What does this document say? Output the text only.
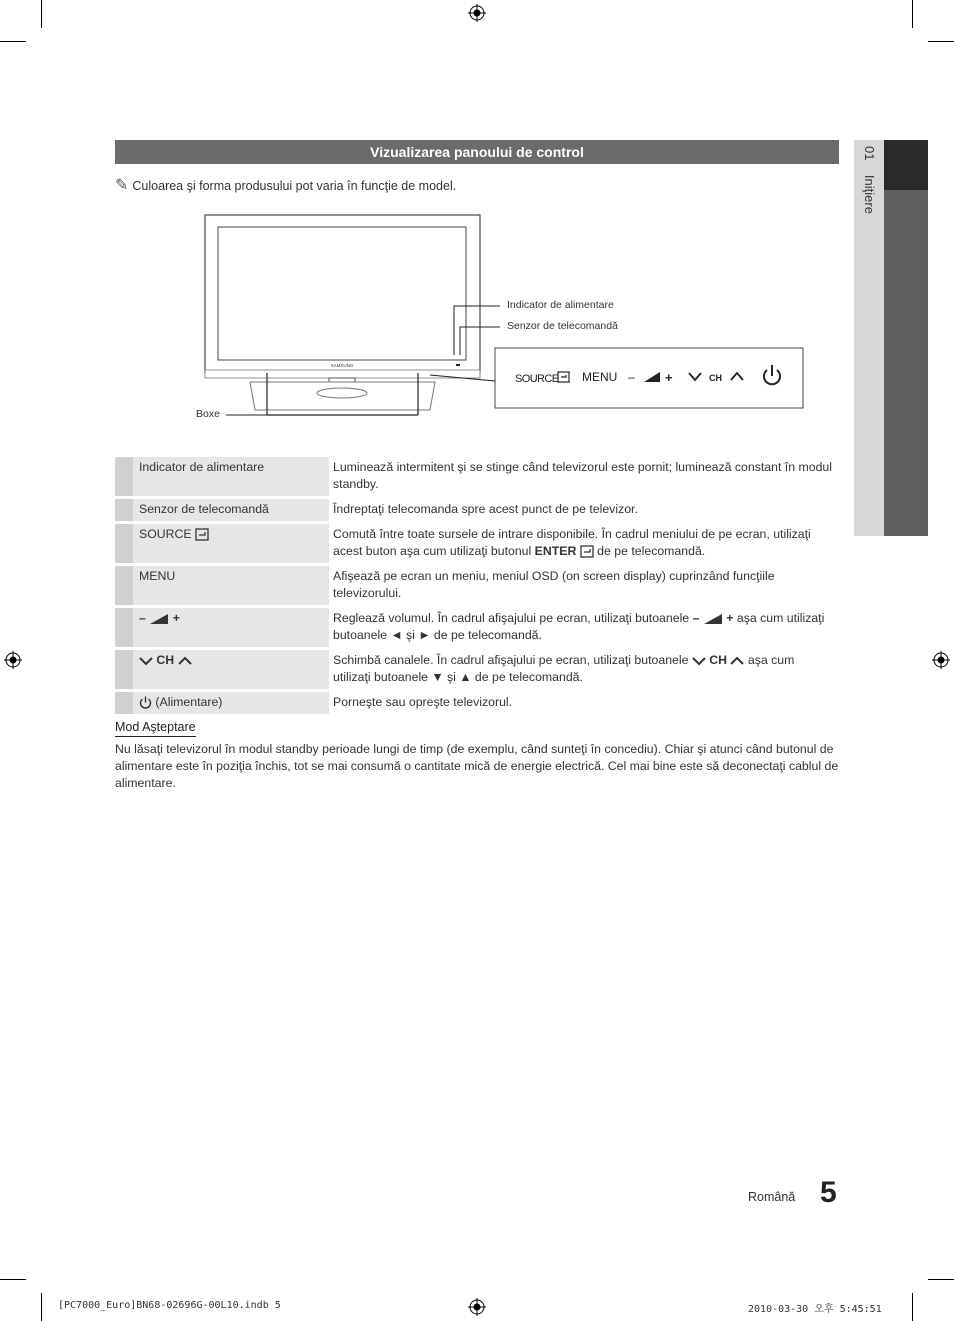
01    Iniţiere
Vizualizarea panoului de control
✎ Culoarea şi forma produsului pot varia în funcţie de model.
SAMSUNG
SOURCE MENU – +	CH
Indicator de alimentare
Senzor de telecomandă
Boxe
	Indicator de alimentare	Luminează intermitent şi se stinge când televizorul este pornit; luminează constant în modul standby.
	Senzor de telecomandă	Îndreptaţi telecomanda spre acest punct de pe televizor.
	SOURCE	Comută între toate sursele de intrare disponibile. În cadrul meniului de pe ecran, utilizaţi acest buton aşa cum utilizaţi butonul ENTER  de pe telecomandă.
	MENU	Afişează pe ecran un meniu, meniul OSD (on screen display) cuprinzând funcţiile televizorului.
	– +	Reglează volumul. În cadrul afişajului pe ecran, utilizaţi butoanele – + aşa cum utilizaţi butoanele ◄ şi ► de pe telecomandă.
	CH	Schimbă canalele. În cadrul afişajului pe ecran, utilizaţi butoanele  CH  aşa cum utilizaţi butoanele ▼ şi ▲ de pe telecomandă.
	(Alimentare)	Porneşte sau opreşte televizorul.
Mod Aşteptare
Nu lăsaţi televizorul în modul standby perioade lungi de timp (de exemplu, când sunteţi în concediu). Chiar şi atunci când butonul de alimentare este în poziţia închis, tot se mai consumă o cantitate mică de energie electrică. Cel mai bine este să deconectaţi cablul de alimentare.
Română 5
[PC7000_Euro]BN68-02696G-00L10.indb 5	2010-03-30 오후 5:45:51
